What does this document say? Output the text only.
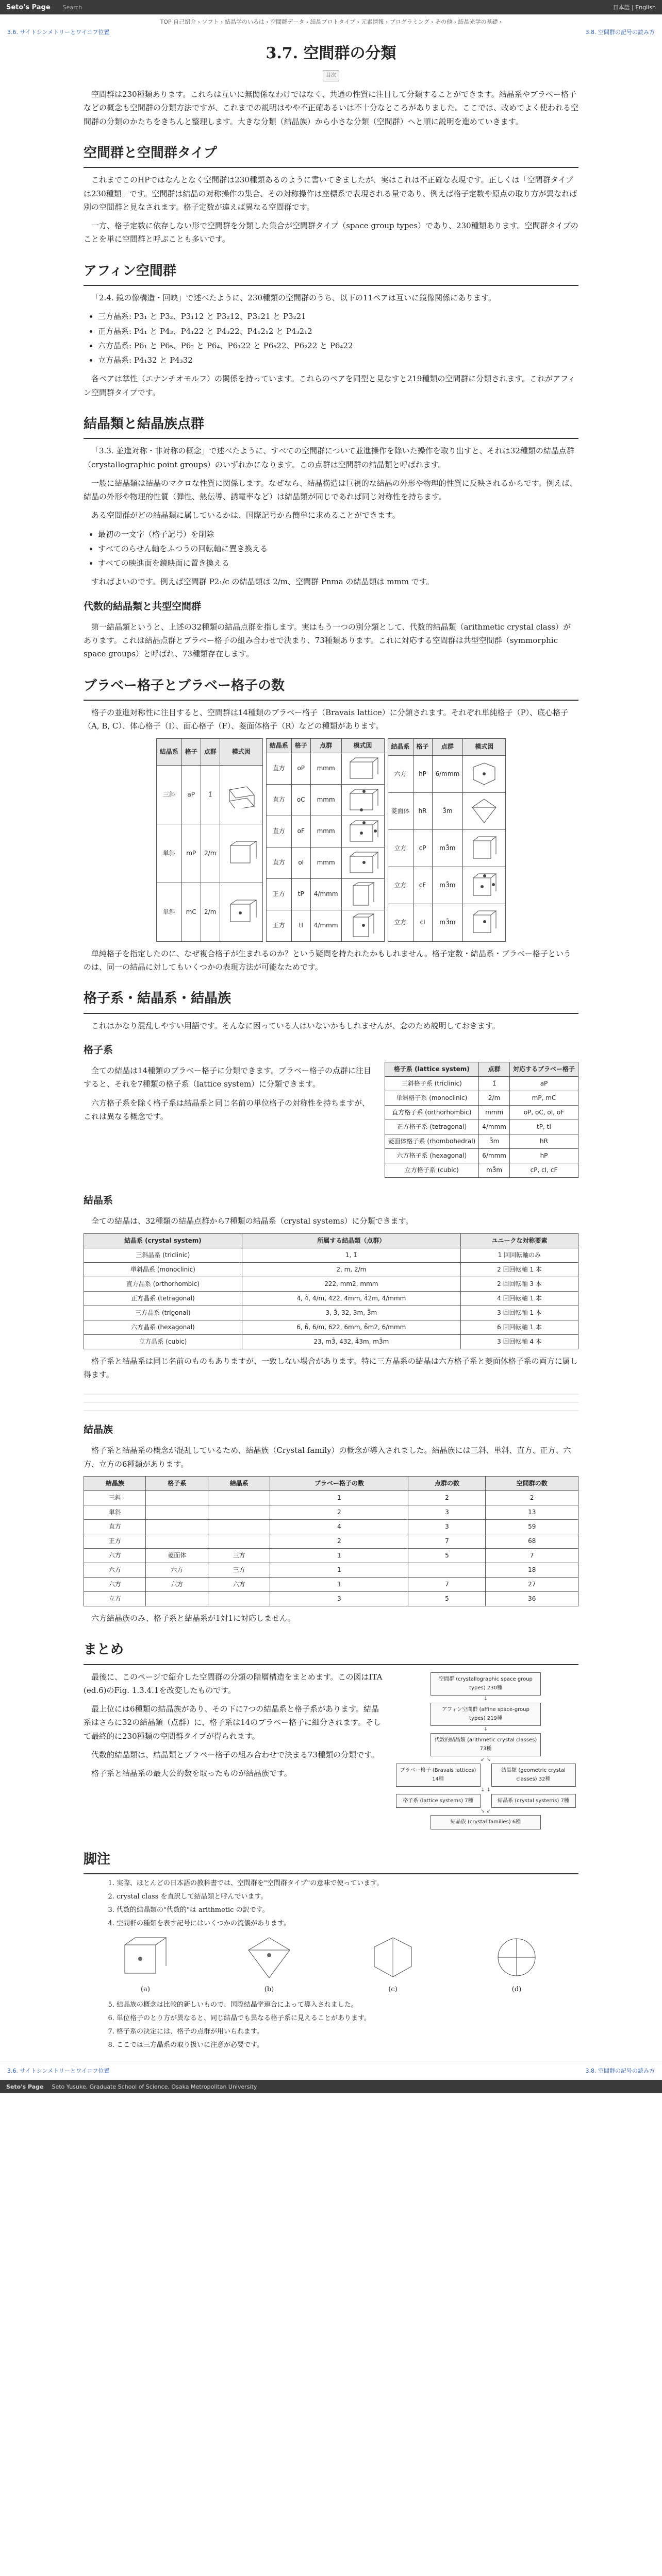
Seto's Page Search	日本語 | English
TOP 自己紹介 › ソフト › 結晶学のいろは › 空間群データ › 結晶プロトタイプ › 元素情報 › プログラミング › その他 › 結晶光学の基礎 ›
3.6. サイトシンメトリーとワイコフ位置	3.8. 空間群の記号の読み方
3.7. 空間群の分類
目次

空間群は230種類あります。これらは互いに無関係なわけではなく、共通の性質に注目して分類することができます。結晶系やブラベー格子などの概念も空間群の分類方法ですが、これまでの説明はやや不正確あるいは不十分なところがありました。ここでは、改めてよく使われる空間群の分類のかたちをきちんと整理します。大きな分類（結晶族）から小さな分類（空間群）へと順に説明を進めていきます。

空間群と空間群タイプ

これまでこのHPではなんとなく空間群は230種類あるのように書いてきましたが、実はこれは不正確な表現です。正しくは「空間群タイプは230種類」です。空間群は結晶の対称操作の集合、その対称操作は座標系で表現される量であり、例えば格子定数や原点の取り方が異なれば別の空間群と見なされます。格子定数が違えば異なる空間群です。

一方、格子定数に依存しない形で空間群を分類した集合が空間群タイプ（space group types）であり、230種類あります。空間群タイプのことを単に空間群と呼ぶことも多いです。

アフィン空間群

「2.4. 鏡の像構造・回映」で述べたように、230種類の空間群のうち、以下の11ペアは互いに鏡像関係にあります。

• 三方晶系: P3₁ と P3₂、P3₁12 と P3₂12、P3₁21 と P3₂21
• 正方晶系: P4₁ と P4₃、P4₁22 と P4₃22、P4₁2₁2 と P4₃2₁2
• 六方晶系: P6₁ と P6₅、P6₂ と P6₄、P6₁22 と P6₅22、P6₂22 と P6₄22
• 立方晶系: P4₁32 と P4₃32

各ペアは掌性（エナンチオモルフ）の関係を持っています。これらのペアを同型と見なすと219種類の空間群に分類されます。これがアフィン空間群タイプです。

結晶類と結晶族点群

「3.3. 並進対称・非対称の概念」で述べたように、すべての空間群について並進操作を除いた操作を取り出すと、それは32種類の結晶点群（crystallographic point groups）のいずれかになります。この点群は空間群の結晶類と呼ばれます。

一般に結晶類は結晶のマクロな性質に関係します。なぜなら、結晶構造は巨視的な結晶の外形や物理的性質に反映されるからです。例えば、結晶の外形や物理的性質（弾性、熱伝導、誘電率など）は結晶類が同じであれば同じ対称性を持ちます。

ある空間群がどの結晶類に属しているかは、国際記号から簡単に求めることができます。

• 最初の一文字（格子記号）を削除
• すべてのらせん軸をふつうの回転軸に置き換える
• すべての映進面を鏡映面に置き換える

すればよいのです。例えば空間群 P2₁/c の結晶類は 2/m、空間群 Pnma の結晶類は mmm です。

代数的結晶類と共型空間群

第一結晶類というと、上述の32種類の結晶点群を指します。実はもう一つの別分類として、代数的結晶類（arithmetic crystal class）があります。これは結晶点群とブラベー格子の組み合わせで決まり、73種類あります。これに対応する空間群は共型空間群（symmorphic space groups）と呼ばれ、73種類存在します。

ブラベー格子とブラベー格子の数

格子の並進対称性に注目すると、空間群は14種類のブラベー格子（Bravais lattice）に分類されます。それぞれ単純格子（P）、底心格子（A, B, C）、体心格子（I）、面心格子（F）、菱面体格子（R）などの種類があります。

結晶系	格子	点群	模式図
三斜	aP	1̄	

単斜	mP	2/m	

単斜	mC	2/m	
結晶系	格子	点群	模式図
直方	oP	mmm	

直方	oC	mmm	

直方	oF	mmm	

直方	oI	mmm	

正方	tP	4/mmm	

正方	tI	4/mmm	
結晶系	格子	点群	模式図
六方	hP	6/mmm	

菱面体	hR	3̄m	

立方	cP	m3̄m	

立方	cF	m3̄m	

立方	cI	m3̄m	

単純格子を指定したのに、なぜ複合格子が生まれるのか？という疑問を持たれたかもしれません。格子定数・結晶系・ブラベー格子というのは、同一の結晶に対してもいくつかの表現方法が可能なためです。

格子系・結晶系・結晶族

これはかなり混乱しやすい用語です。そんなに困っている人はいないかもしれませんが、念のため説明しておきます。

格子系
格子系 (lattice system)	点群	対応するブラベー格子
三斜格子系 (triclinic)	1̄	aP
単斜格子系 (monoclinic)	2/m	mP, mC
直方格子系 (orthorhombic)	mmm	oP, oC, oI, oF
正方格子系 (tetragonal)	4/mmm	tP, tI
菱面体格子系 (rhombohedral)	3̄m	hR
六方格子系 (hexagonal)	6/mmm	hP
立方格子系 (cubic)	m3̄m	cP, cI, cF

全ての結晶は14種類のブラベー格子に分類できます。ブラベー格子の点群に注目すると、それを7種類の格子系（lattice system）に分類できます。

六方格子系を除く格子系は結晶系と同じ名前の単位格子の対称性を持ちますが、これは異なる概念です。

結晶系

全ての結晶は、32種類の結晶点群から7種類の結晶系（crystal systems）に分類できます。

結晶系 (crystal system)	所属する結晶類（点群）	ユニークな対称要素
三斜晶系 (triclinic)	1, 1̄	1 回回転軸のみ
単斜晶系 (monoclinic)	2, m, 2/m	2 回回転軸 1 本
直方晶系 (orthorhombic)	222, mm2, mmm	2 回回転軸 3 本
正方晶系 (tetragonal)	4, 4̄, 4/m, 422, 4mm, 4̄2m, 4/mmm	4 回回転軸 1 本
三方晶系 (trigonal)	3, 3̄, 32, 3m, 3̄m	3 回回転軸 1 本
六方晶系 (hexagonal)	6, 6̄, 6/m, 622, 6mm, 6̄m2, 6/mmm	6 回回転軸 1 本
立方晶系 (cubic)	23, m3̄, 432, 4̄3m, m3̄m	3 回回転軸 4 本

格子系と結晶系は同じ名前のものもありますが、一致しない場合があります。特に三方晶系の結晶は六方格子系と菱面体格子系の両方に属し得ます。

結晶族

格子系と結晶系の概念が混乱しているため、結晶族（Crystal family）の概念が導入されました。結晶族には三斜、単斜、直方、正方、六方、立方の6種類があります。

結晶族	格子系	結晶系	ブラベー格子の数	点群の数	空間群の数
三斜			1	2	2
単斜			2	3	13
直方			4	3	59
正方			2	7	68
六方	菱面体	三方	1	5	7
六方	六方	三方	1		18
六方	六方	六方	1	7	27
立方			3	5	36

六方結晶族のみ、格子系と結晶系が1対1に対応しません。

まとめ
空間群 (crystallographic space group types) 230種
↓
アフィン空間群 (affine space-group types) 219種
↓
代数的結晶類 (arithmetic crystal classes) 73種
↙ ↘
ブラベー格子 (Bravais lattices) 14種
結晶類 (geometric crystal classes) 32種
↓ ↓
格子系 (lattice systems) 7種	結晶系 (crystal systems) 7種
↘ ↙
結晶族 (crystal families) 6種

最後に、このページで紹介した空間群の分類の階層構造をまとめます。この図はITA (ed.6)のFig. 1.3.4.1を改変したものです。

最上位には6種類の結晶族があり、その下に7つの結晶系と格子系があります。結晶系はさらに32の結晶類（点群）に、格子系は14のブラベー格子に細分されます。そして最終的に230種類の空間群タイプが得られます。

代数的結晶類は、結晶類とブラベー格子の組み合わせで決まる73種類の分類です。

格子系と結晶系の最大公約数を取ったものが結晶族です。

脚注
1. 実際、ほとんどの日本語の教科書では、空間群を"空間群タイプ"の意味で使っています。
2. crystal class を直訳して結晶類と呼んでいます。
3. 代数的結晶類の"代数的"は arithmetic の訳です。
4. 空間群の種類を表す記号にはいくつかの流儀があります。
(a)	(b)	(c)	(d)
5. 結晶族の概念は比較的新しいもので、国際結晶学連合によって導入されました。
6. 単位格子のとり方が異なると、同じ結晶でも異なる格子系に見えることがあります。
7. 格子系の決定には、格子の点群が用いられます。
8. ここでは三方晶系の取り扱いに注意が必要です。
3.6. サイトシンメトリーとワイコフ位置	3.8. 空間群の記号の読み方
Seto's Page Seto Yusuke, Graduate School of Science, Osaka Metropolitan University
